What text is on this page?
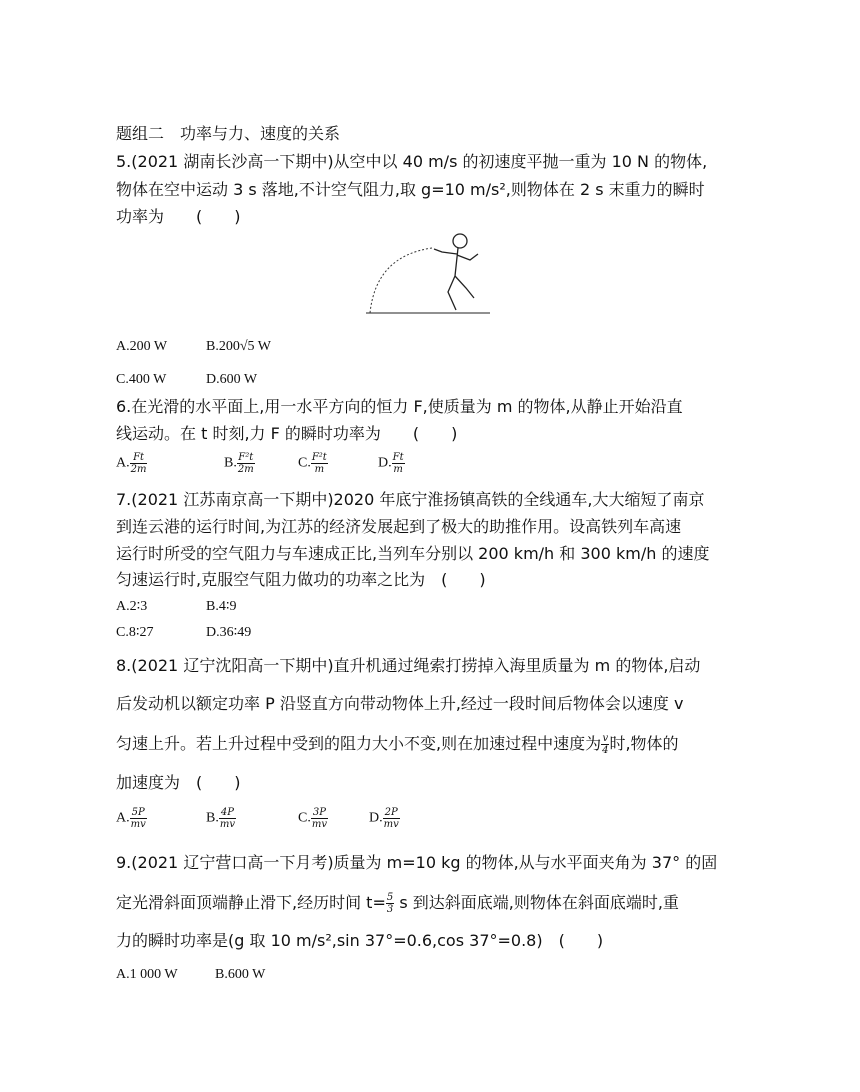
题组二　功率与力、速度的关系
5.(2021 湖南长沙高一下期中)从空中以 40 m/s 的初速度平抛一重为 10 N 的物体,
物体在空中运动 3 s 落地,不计空气阻力,取 g=10 m/s²,则物体在 2 s 末重力的瞬时
功率为　　(　　)
A.200 W	B.200√5 W
C.400 W	D.600 W
6.在光滑的水平面上,用一水平方向的恒力 F,使质量为 m 的物体,从静止开始沿直
线运动。在 t 时刻,力 F 的瞬时功率为　　(　　)
A. $\frac{Ft}{2m}$	B. $\frac{\text{F²t}}{2m}$	C. $\frac{\text{F²t}}{m}$	D. $\frac{Ft}{m}$
7.(2021 江苏南京高一下期中)2020 年底宁淮扬镇高铁的全线通车,大大缩短了南京
到连云港的运行时间,为江苏的经济发展起到了极大的助推作用。设高铁列车高速
运行时所受的空气阻力与车速成正比,当列车分别以 200 km/h 和 300 km/h 的速度
匀速运行时,克服空气阻力做功的功率之比为　(　　)
A.2∶3	B.4∶9
C.8∶27	D.36∶49
8.(2021 辽宁沈阳高一下期中)直升机通过绳索打捞掉入海里质量为 m 的物体,启动
后发动机以额定功率 P 沿竖直方向带动物体上升,经过一段时间后物体会以速度 v
匀速上升。若上升过程中受到的阻力大小不变,则在加速过程中速度为 $\frac{v}{4}$ 时,物体的
加速度为　(　　)
A. $\frac{5P}{mv}$	B. $\frac{4P}{mv}$	C. $\frac{3P}{mv}$	D. $\frac{2P}{mv}$
9.(2021 辽宁营口高一下月考)质量为 m=10 kg 的物体,从与水平面夹角为 37° 的固
定光滑斜面顶端静止滑下,经历时间 $t= \frac{5}{3}$ s 到达斜面底端,则物体在斜面底端时,重
力的瞬时功率是(g 取 10 m/s²,sin 37°=0.6,cos 37°=0.8)　(　　)
A.1 000 W	B.600 W
